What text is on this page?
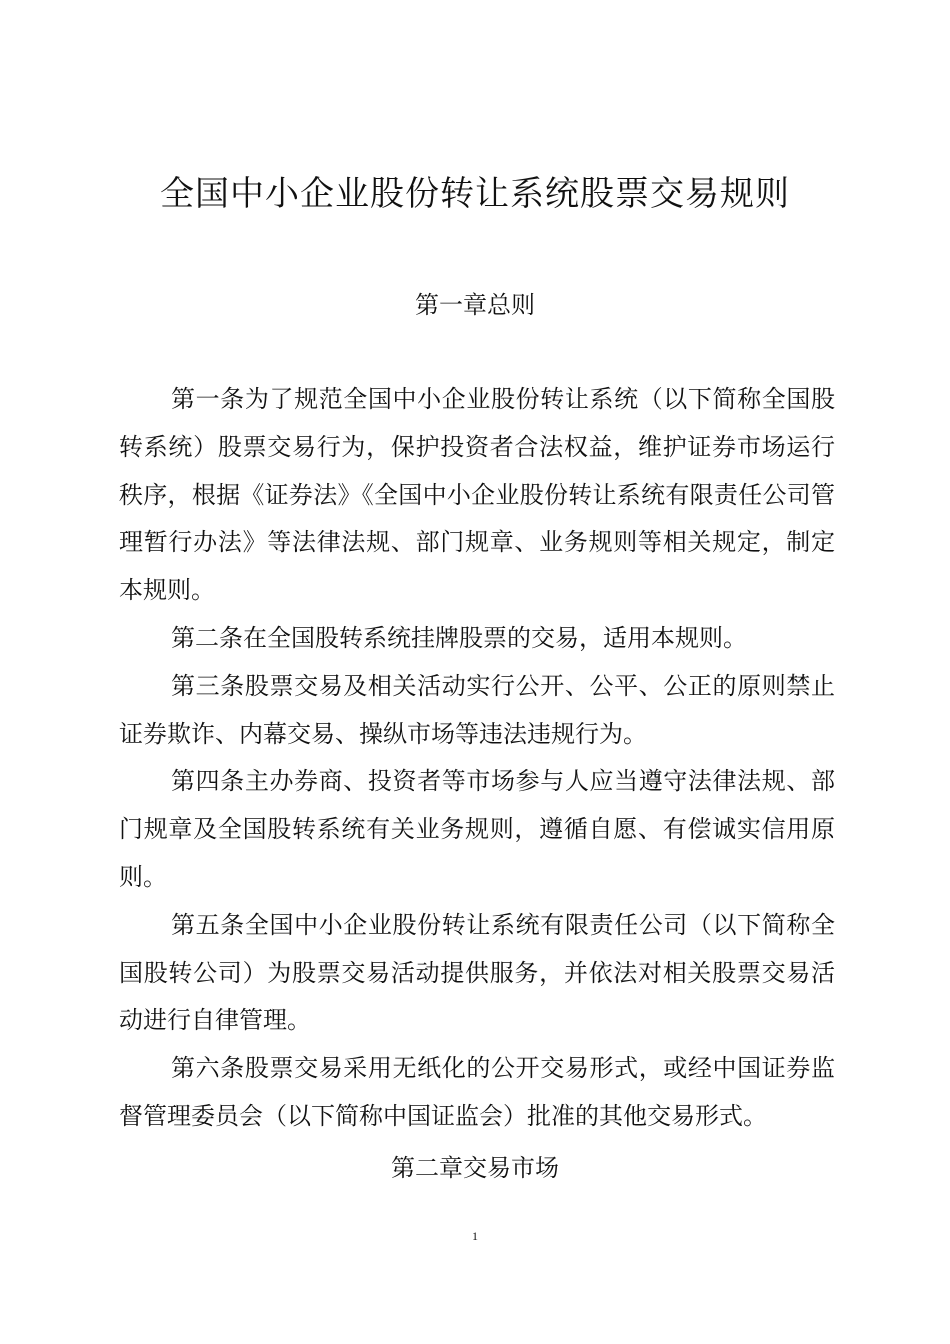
全国中小企业股份转让系统股票交易规则
第一章总则

第一条为了规范全国中小企业股份转让系统（以下简称全国股转系统）股票交易行为，保护投资者合法权益，维护证券市场运行秩序，根据《证券法》《全国中小企业股份转让系统有限责任公司管理暂行办法》等法律法规、部门规章、业务规则等相关规定，制定本规则。

第二条在全国股转系统挂牌股票的交易，适用本规则。

第三条股票交易及相关活动实行公开、公平、公正的原则禁止证券欺诈、内幕交易、操纵市场等违法违规行为。

第四条主办券商、投资者等市场参与人应当遵守法律法规、部门规章及全国股转系统有关业务规则，遵循自愿、有偿诚实信用原则。

第五条全国中小企业股份转让系统有限责任公司（以下简称全国股转公司）为股票交易活动提供服务，并依法对相关股票交易活动进行自律管理。

第六条股票交易采用无纸化的公开交易形式，或经中国证券监督管理委员会（以下简称中国证监会）批准的其他交易形式。

第二章交易市场
1
